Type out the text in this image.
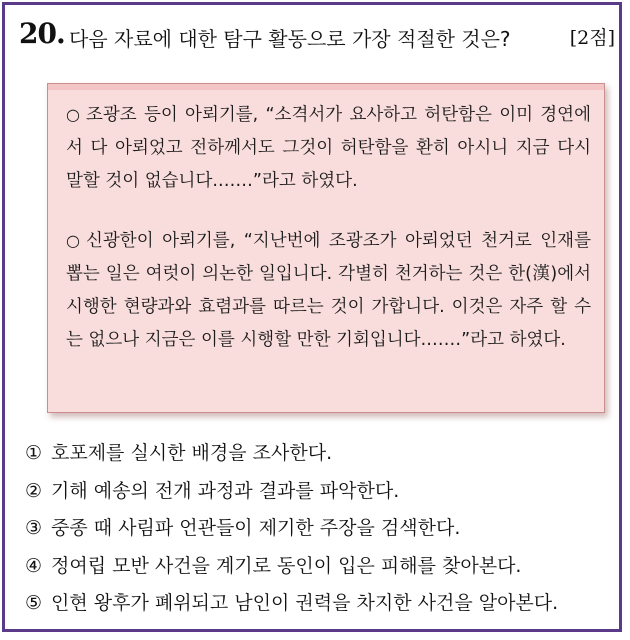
20. 다음 자료에 대한 탐구 활동으로 가장 적절한 것은?	[2점]
○ 조광조 등이 아뢰기를, “소격서가 요사하고 허탄함은 이미 경연에서 다 아뢰었고 전하께서도 그것이 허탄함을 환히 아시니 지금 다시 말할 것이 없습니다.……”라고 하였다.
○ 신광한이 아뢰기를, “지난번에 조광조가 아뢰었던 천거로 인재를 뽑는 일은 여럿이 의논한 일입니다. 각별히 천거하는 것은 한(漢)에서 시행한 현량과와 효렴과를 따르는 것이 가합니다. 이것은 자주 할 수는 없으나 지금은 이를 시행할 만한 기회입니다.……”라고 하였다.
① 호포제를 실시한 배경을 조사한다.
② 기해 예송의 전개 과정과 결과를 파악한다.
③ 중종 때 사림파 언관들이 제기한 주장을 검색한다.
④ 정여립 모반 사건을 계기로 동인이 입은 피해를 찾아본다.
⑤ 인현 왕후가 폐위되고 남인이 권력을 차지한 사건을 알아본다.
